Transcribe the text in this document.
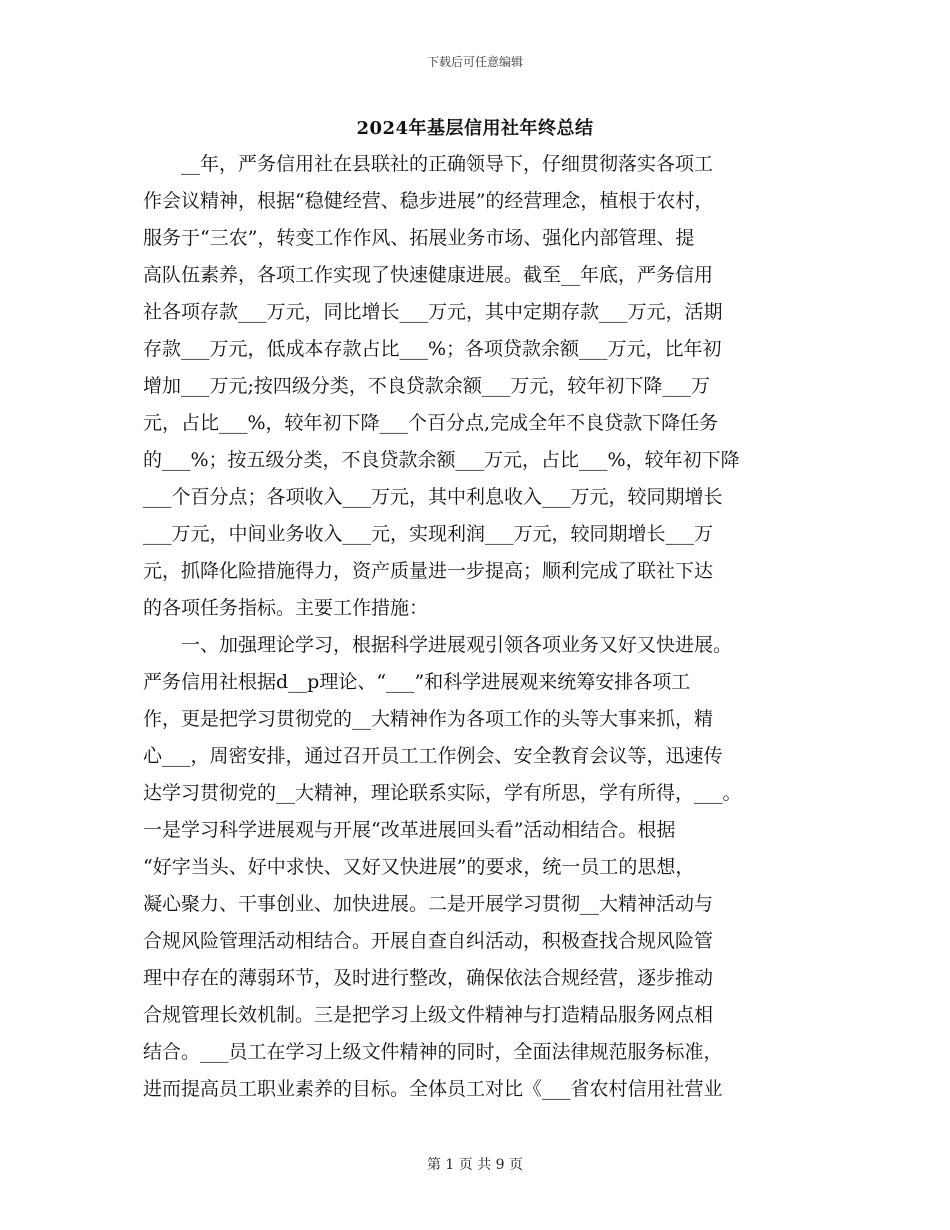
下载后可任意编辑
2024年基层信用社年终总结
　　__年，严务信用社在县联社的正确领导下，仔细贯彻落实各项工
作会议精神，根据“稳健经营、稳步进展”的经营理念，植根于农村，
服务于“三农”，转变工作作风、拓展业务市场、强化内部管理、提
高队伍素养，各项工作实现了快速健康进展。截至__年底，严务信用
社各项存款___万元，同比增长___万元，其中定期存款___万元，活期
存款___万元，低成本存款占比___%；各项贷款余额___万元，比年初
增加___万元;按四级分类，不良贷款余额___万元，较年初下降___万
元，占比___%，较年初下降___个百分点,完成全年不良贷款下降任务
的___%；按五级分类，不良贷款余额___万元，占比___%，较年初下降
___个百分点；各项收入___万元，其中利息收入___万元，较同期增长
___万元，中间业务收入___元，实现利润___万元，较同期增长___万
元，抓降化险措施得力，资产质量进一步提高；顺利完成了联社下达
的各项任务指标。主要工作措施：
　　一、加强理论学习，根据科学进展观引领各项业务又好又快进展。
严务信用社根据d__p理论、“___”和科学进展观来统筹安排各项工
作，更是把学习贯彻党的__大精神作为各项工作的头等大事来抓，精
心___，周密安排，通过召开员工工作例会、安全教育会议等，迅速传
达学习贯彻党的__大精神，理论联系实际，学有所思，学有所得，___。
一是学习科学进展观与开展“改革进展回头看”活动相结合。根据
“好字当头、好中求快、又好又快进展”的要求，统一员工的思想，
凝心聚力、干事创业、加快进展。二是开展学习贯彻__大精神活动与
合规风险管理活动相结合。开展自查自纠活动，积极查找合规风险管
理中存在的薄弱环节，及时进行整改，确保依法合规经营，逐步推动
合规管理长效机制。三是把学习上级文件精神与打造精品服务网点相
结合。___员工在学习上级文件精神的同时，全面法律规范服务标准，
进而提高员工职业素养的目标。全体员工对比《___省农村信用社营业
第 1 页 共 9 页
